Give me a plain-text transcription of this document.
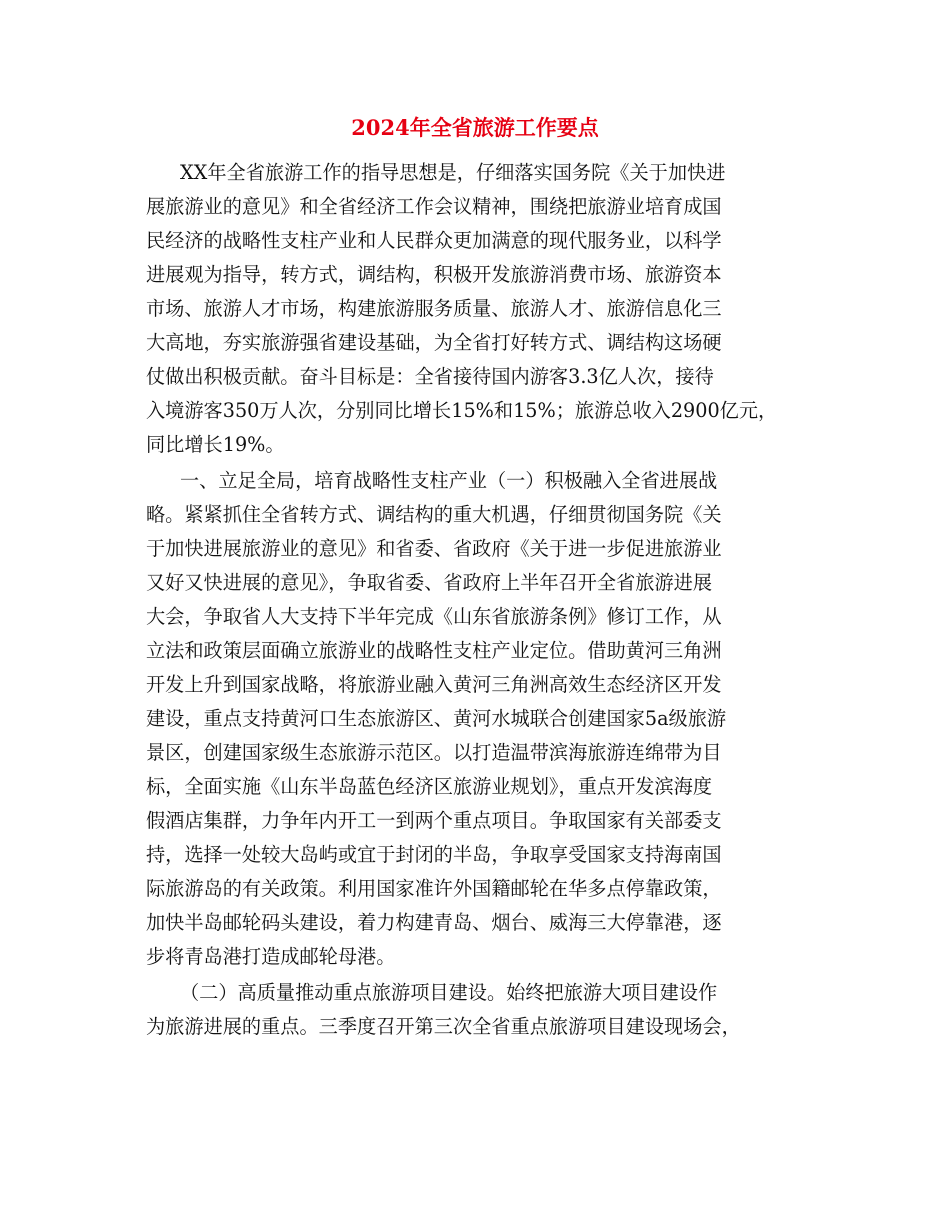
2024年全省旅游工作要点

XX年全省旅游工作的指导思想是，仔细落实国务院《关于加快进

展旅游业的意见》和全省经济工作会议精神，围绕把旅游业培育成国

民经济的战略性支柱产业和人民群众更加满意的现代服务业，以科学

进展观为指导，转方式，调结构，积极开发旅游消费市场、旅游资本

市场、旅游人才市场，构建旅游服务质量、旅游人才、旅游信息化三

大高地，夯实旅游强省建设基础，为全省打好转方式、调结构这场硬

仗做出积极贡献。奋斗目标是：全省接待国内游客3.3亿人次，接待

入境游客350万人次，分别同比增长15%和15%；旅游总收入2900亿元，

同比增长19%。

一、立足全局，培育战略性支柱产业（一）积极融入全省进展战

略。紧紧抓住全省转方式、调结构的重大机遇，仔细贯彻国务院《关

于加快进展旅游业的意见》和省委、省政府《关于进一步促进旅游业

又好又快进展的意见》，争取省委、省政府上半年召开全省旅游进展

大会，争取省人大支持下半年完成《山东省旅游条例》修订工作，从

立法和政策层面确立旅游业的战略性支柱产业定位。借助黄河三角洲

开发上升到国家战略，将旅游业融入黄河三角洲高效生态经济区开发

建设，重点支持黄河口生态旅游区、黄河水城联合创建国家5a级旅游

景区，创建国家级生态旅游示范区。以打造温带滨海旅游连绵带为目

标，全面实施《山东半岛蓝色经济区旅游业规划》，重点开发滨海度

假酒店集群，力争年内开工一到两个重点项目。争取国家有关部委支

持，选择一处较大岛屿或宜于封闭的半岛，争取享受国家支持海南国

际旅游岛的有关政策。利用国家准许外国籍邮轮在华多点停靠政策，

加快半岛邮轮码头建设，着力构建青岛、烟台、威海三大停靠港，逐

步将青岛港打造成邮轮母港。

（二）高质量推动重点旅游项目建设。始终把旅游大项目建设作

为旅游进展的重点。三季度召开第三次全省重点旅游项目建设现场会，
